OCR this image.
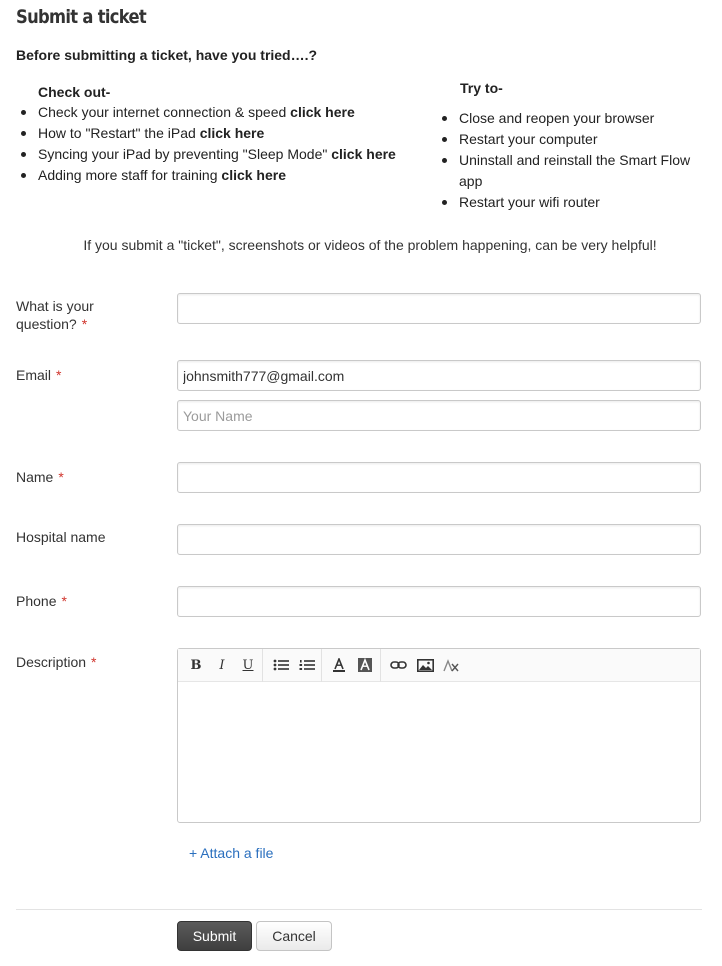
Submit a ticket
Before submitting a ticket, have you tried….?
Check out-
Check your internet connection & speed click here
How to "Restart" the iPad click here
Syncing your iPad by preventing "Sleep Mode" click here
Adding more staff for training click here
Try to-
Close and reopen your browser
Restart your computer
Uninstall and reinstall the Smart Flow app
Restart your wifi router
If you submit a "ticket", screenshots or videos of the problem happening, can be very helpful!
What is your question? *
Email *
johnsmith777@gmail.com
Your Name
Name *
Hospital name
Phone *
Description *	B	I	U
+ Attach a file
Submit	Cancel
